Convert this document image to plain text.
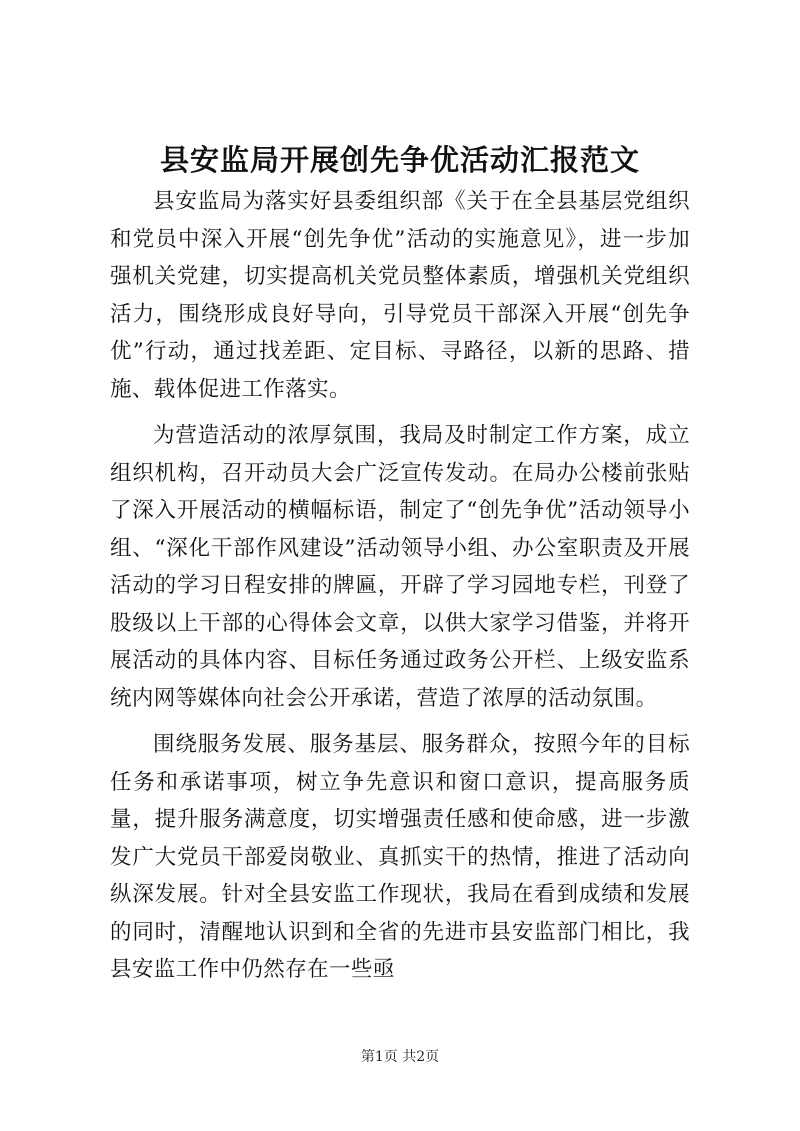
县安监局开展创先争优活动汇报范文

县安监局为落实好县委组织部《关于在全县基层党组织和党员中深入开展“创先争优”活动的实施意见》，进一步加强机关党建，切实提高机关党员整体素质，增强机关党组织活力，围绕形成良好导向，引导党员干部深入开展“创先争优”行动，通过找差距、定目标、寻路径，以新的思路、措施、载体促进工作落实。

为营造活动的浓厚氛围，我局及时制定工作方案，成立组织机构，召开动员大会广泛宣传发动。在局办公楼前张贴了深入开展活动的横幅标语，制定了“创先争优”活动领导小组、“深化干部作风建设”活动领导小组、办公室职责及开展活动的学习日程安排的牌匾，开辟了学习园地专栏，刊登了股级以上干部的心得体会文章，以供大家学习借鉴，并将开展活动的具体内容、目标任务通过政务公开栏、上级安监系统内网等媒体向社会公开承诺，营造了浓厚的活动氛围。

围绕服务发展、服务基层、服务群众，按照今年的目标任务和承诺事项，树立争先意识和窗口意识，提高服务质量，提升服务满意度，切实增强责任感和使命感，进一步激发广大党员干部爱岗敬业、真抓实干的热情，推进了活动向纵深发展。针对全县安监工作现状，我局在看到成绩和发展的同时，清醒地认识到和全省的先进市县安监部门相比，我县安监工作中仍然存在一些亟

第1页 共2页
